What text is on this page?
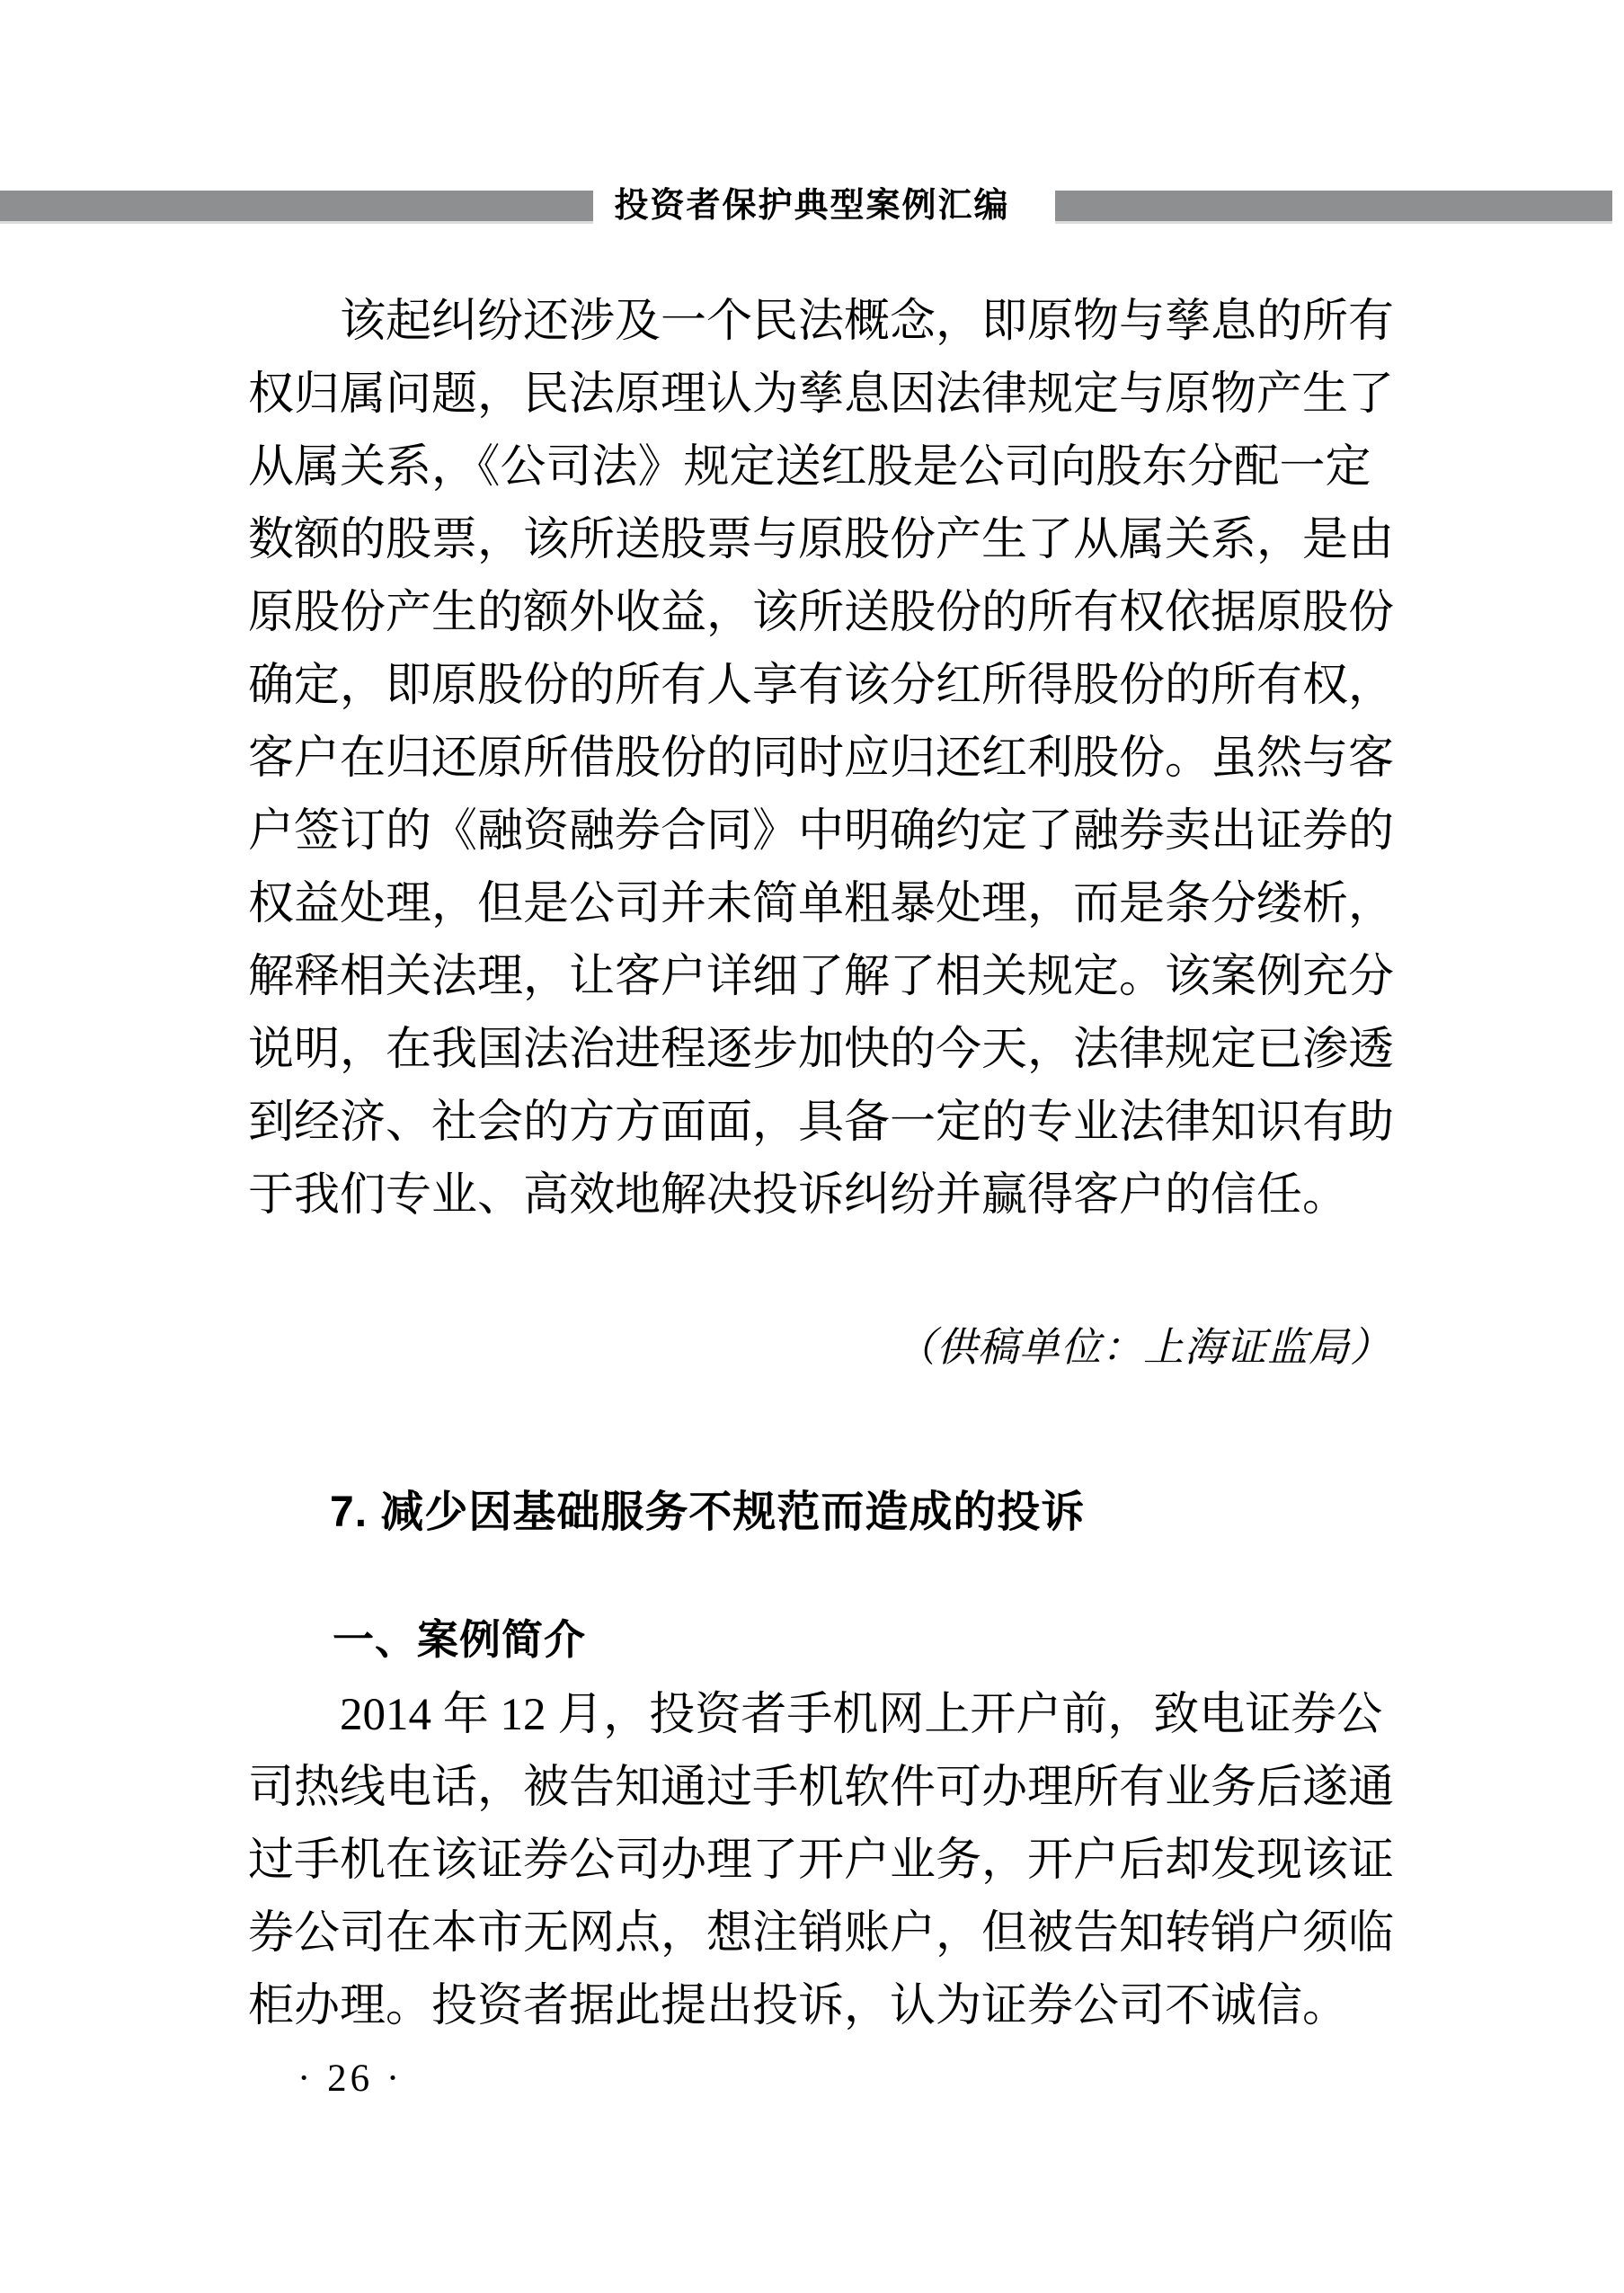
投资者保护典型案例汇编
该起纠纷还涉及一个民法概念，即原物与孳息的所有
权归属问题，民法原理认为孳息因法律规定与原物产生了
从属关系，《公司法》规定送红股是公司向股东分配一定
数额的股票，该所送股票与原股份产生了从属关系，是由
原股份产生的额外收益，该所送股份的所有权依据原股份
确定，即原股份的所有人享有该分红所得股份的所有权，
客户在归还原所借股份的同时应归还红利股份。虽然与客
户签订的《融资融券合同》中明确约定了融券卖出证券的
权益处理，但是公司并未简单粗暴处理，而是条分缕析，
解释相关法理，让客户详细了解了相关规定。该案例充分
说明，在我国法治进程逐步加快的今天，法律规定已渗透
到经济、社会的方方面面，具备一定的专业法律知识有助
于我们专业、高效地解决投诉纠纷并赢得客户的信任。
（供稿单位：上海证监局）
7. 减少因基础服务不规范而造成的投诉
一、案例简介
2014 年 12 月，投资者手机网上开户前，致电证券公
司热线电话，被告知通过手机软件可办理所有业务后遂通
过手机在该证券公司办理了开户业务，开户后却发现该证
券公司在本市无网点，想注销账户，但被告知转销户须临
柜办理。投资者据此提出投诉，认为证券公司不诚信。
· 26 ·
